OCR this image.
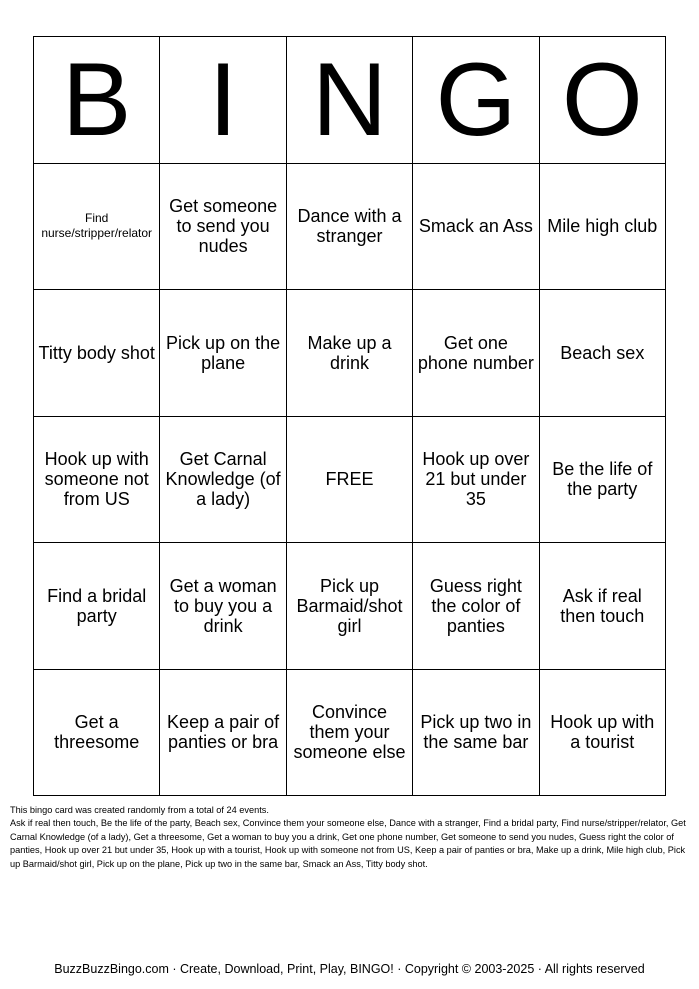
B I N G O
Find nurse/stripper/relator
Get someone to send you nudes
Dance with a stranger	Smack an Ass Mile high club
Titty body shot Pick up on the plane
Make up a drink
Get one phone number	Beach sex
Hook up with someone not from US
Get Carnal Knowledge (of a lady)
FREE
Hook up over 21 but under 35
Be the life of the party
Find a bridal party
Get a woman to buy you a drink
Pick up Barmaid/shot girl
Guess right the color of panties
Ask if real then touch
Get a threesome
Keep a pair of panties or bra
Convince them your someone else
Pick up two in the same bar
Hook up with a tourist

This bingo card was created randomly from a total of 24 events.

Ask if real then touch, Be the life of the party, Beach sex, Convince them your someone else, Dance with a stranger, Find a bridal party, Find nurse/stripper/relator, Get Carnal Knowledge (of a lady), Get a threesome, Get a woman to buy you a drink, Get one phone number, Get someone to send you nudes, Guess right the color of panties, Hook up over 21 but under 35, Hook up with a tourist, Hook up with someone not from US, Keep a pair of panties or bra, Make up a drink, Mile high club, Pick up Barmaid/shot girl, Pick up on the plane, Pick up two in the same bar, Smack an Ass, Titty body shot.

BuzzBuzzBingo.com · Create, Download, Print, Play, BINGO! · Copyright © 2003-2025 · All rights reserved
